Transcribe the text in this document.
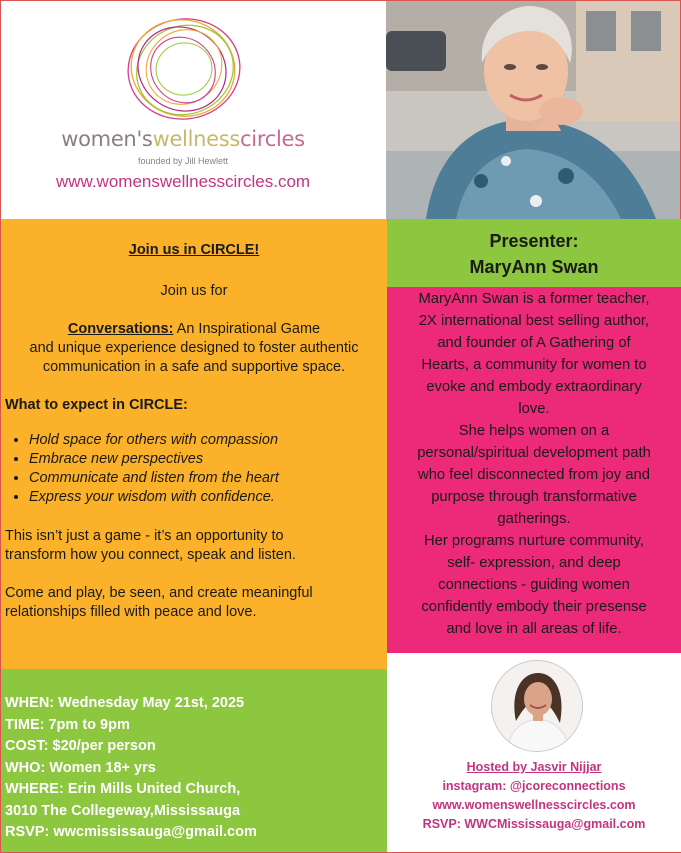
women'swellnesscircles
founded by Jill Hewlett
www.womenswellnesscircles.com
Join us in CIRCLE!
Join us for
Conversations: An Inspirational Game
and unique experience designed to foster authentic
communication in a safe and supportive space.
What to expect in CIRCLE:
• Hold space for others with compassion
• Embrace new perspectives
• Communicate and listen from the heart
• Express your wisdom with confidence.
This isn’t just a game - it’s an opportunity to
transform how you connect, speak and listen.
Come and play, be seen, and create meaningful
relationships filled with peace and love.
Presenter:
MaryAnn Swan
MaryAnn Swan is a former teacher,
2X international best selling author,
and founder of A Gathering of
Hearts, a community for women to
evoke and embody extraordinary
love.
She helps women on a
personal/spiritual development path
who feel disconnected from joy and
purpose through transformative
gatherings.
Her programs nurture community,
self- expression, and deep
connections - guiding women
confidently embody their presense
and love in all areas of life.
WHEN: Wednesday May 21st, 2025
TIME: 7pm to 9pm
COST: $20/per person
WHO: Women 18+ yrs
WHERE: Erin Mills United Church,
3010 The Collegeway,Mississauga
RSVP: wwcmississauga@gmail.com
Hosted by Jasvir Nijjar
instagram: @jcoreconnections
www.womenswellnesscircles.com
RSVP: WWCMississauga@gmail.com
